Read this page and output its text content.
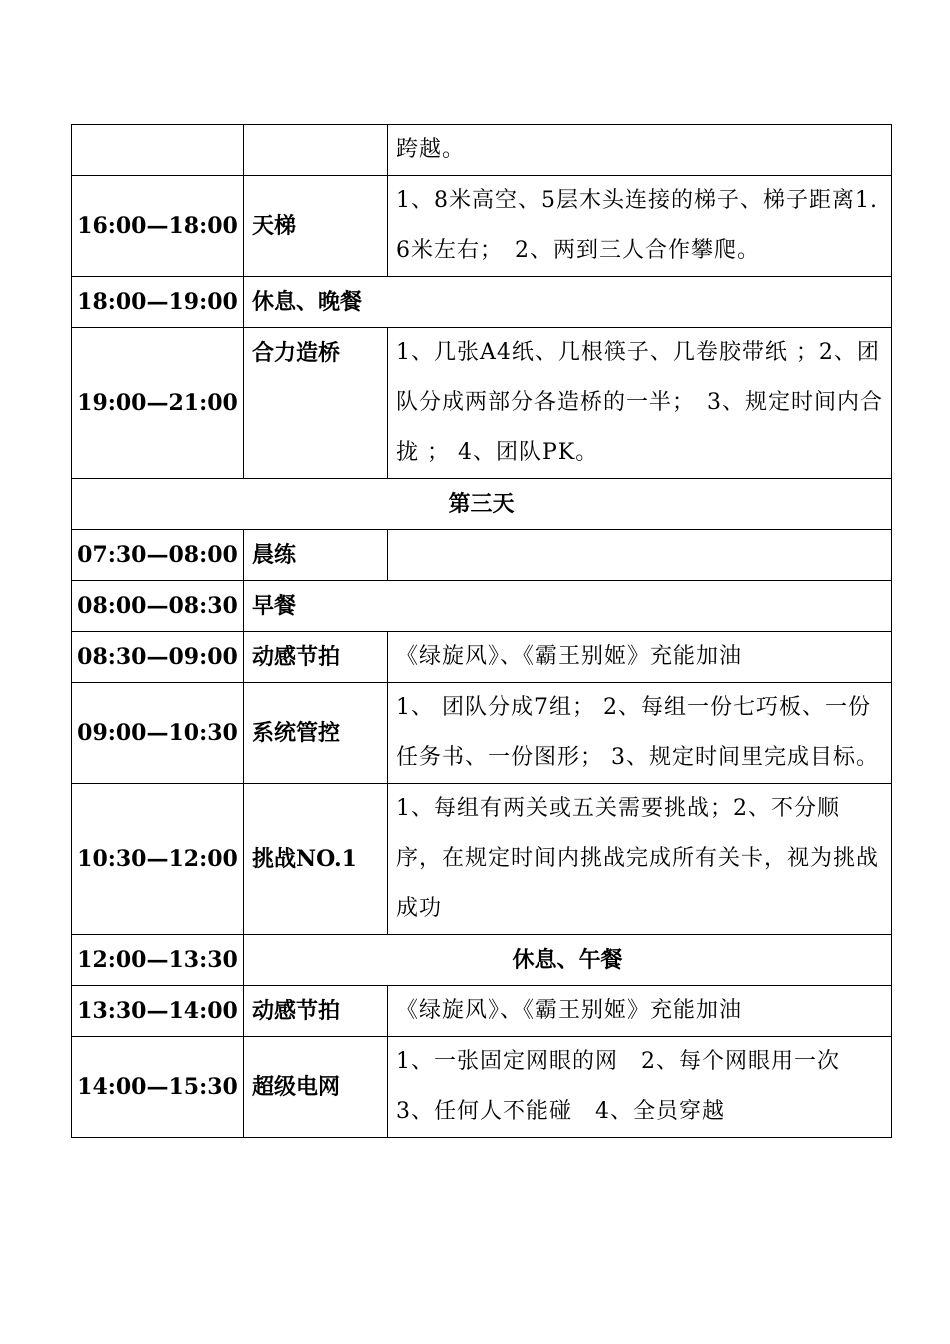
		跨越。
16:00—18:00	天梯	1、8米高空、5层木头连接的梯子、梯子距离1.6米左右；　2、两到三人合作攀爬。
18:00—19:00	休息、晚餐	
19:00—21:00	合力造桥	1、几张A4纸、几根筷子、几卷胶带纸 ；2、团队分成两部分各造桥的一半；　3、规定时间内合拢 ； 4、团队PK。
第三天		
07:30—08:00	晨练	
08:00—08:30	早餐	
08:30—09:00	动感节拍	《绿旋风》、《霸王别姬》充能加油
09:00—10:30	系统管控	1、 团队分成7组； 2、每组一份七巧板、一份任务书、一份图形； 3、规定时间里完成目标。
10:30—12:00	挑战NO.1	1、每组有两关或五关需要挑战；2、不分顺序，在规定时间内挑战完成所有关卡，视为挑战成功
12:00—13:30	休息、午餐	
13:30—14:00	动感节拍	《绿旋风》、《霸王别姬》充能加油
14:00—15:30	超级电网	1、一张固定网眼的网　2、每个网眼用一次　3、任何人不能碰　4、全员穿越
